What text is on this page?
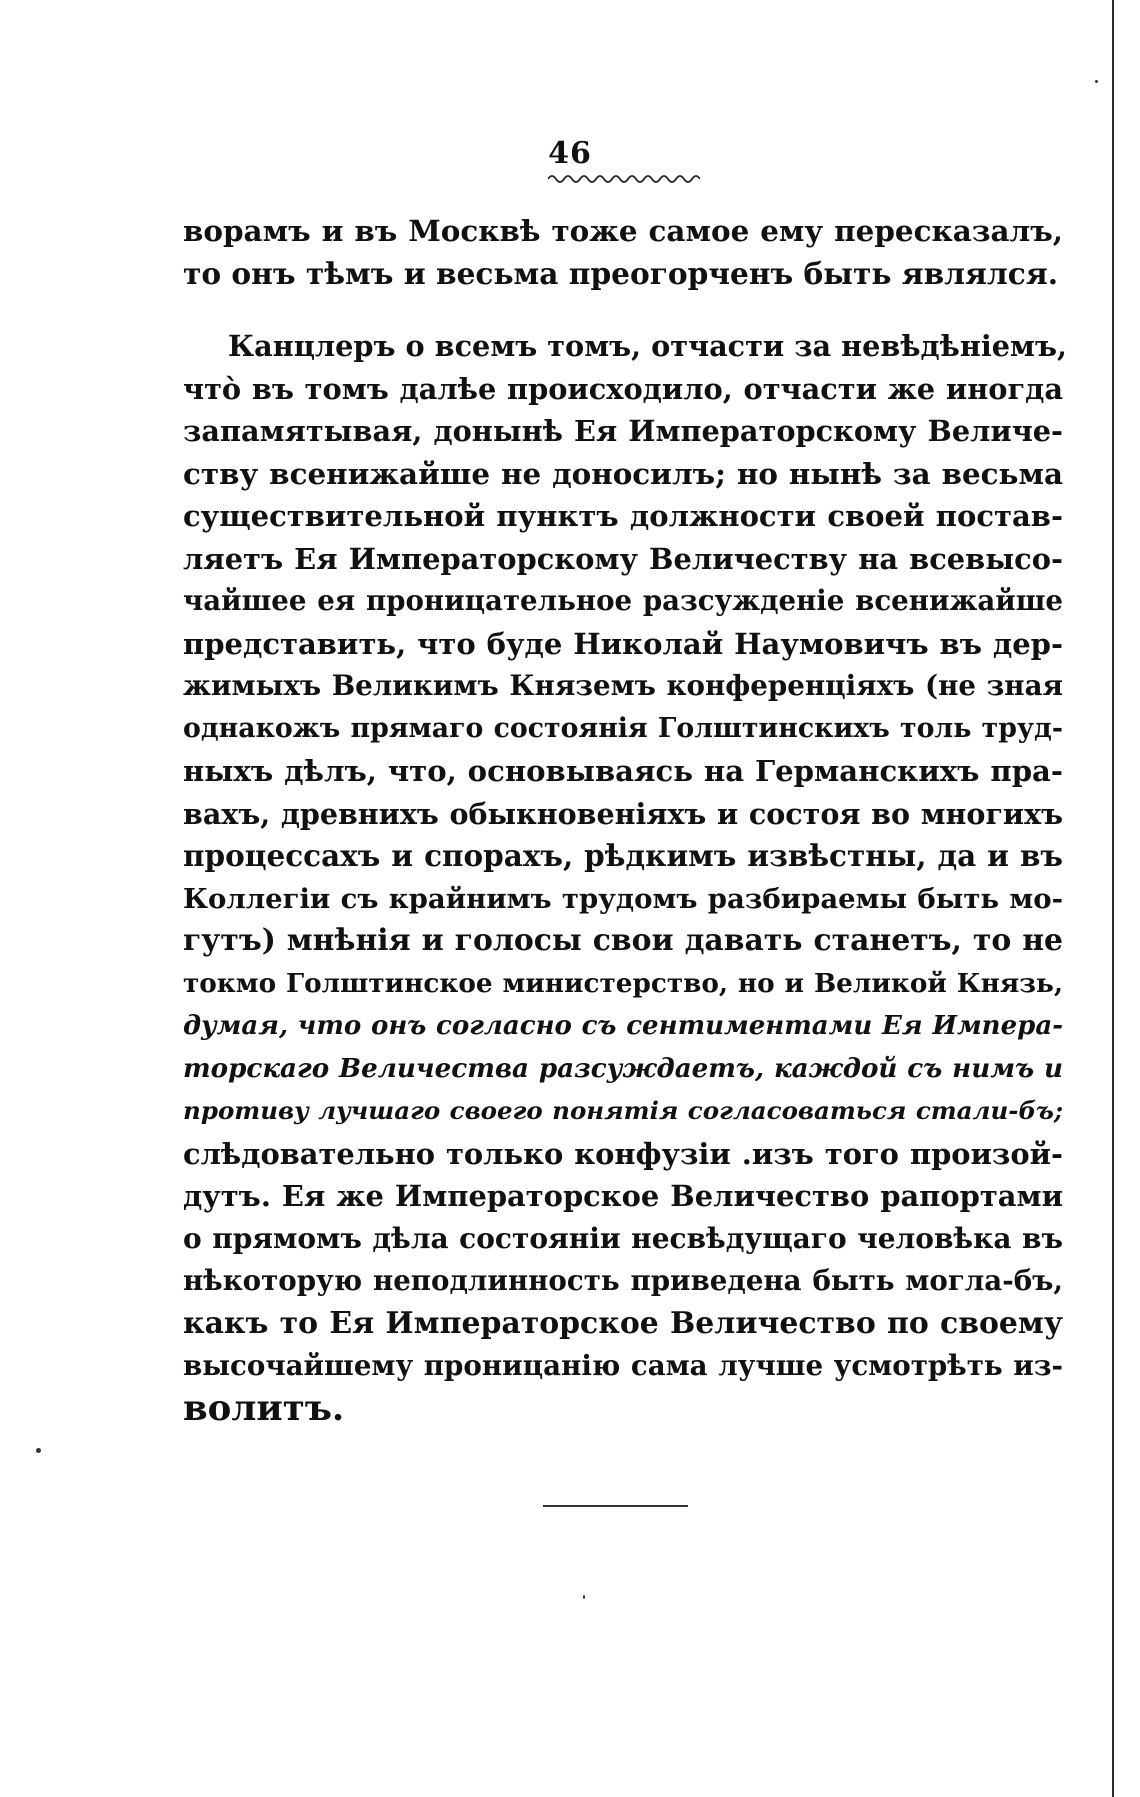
46
ворамъ и въ Москвѣ тоже самое ему пересказалъ,
то онъ тѣмъ и весьма преогорченъ быть являлся.
Канцлеръ о всемъ томъ, отчасти за невѣдѣніемъ,
что̀ въ томъ далѣе происходило, отчасти же иногда
запамятывая, донынѣ Ея Императорскому Величе-
ству всенижайше не доносилъ; но нынѣ за весьма
существительной пунктъ должности своей постав-
ляетъ Ея Императорскому Величеству на всевысо-
чайшее ея проницательное разсужденіе всенижайше
представить, что буде Николай Наумовичъ въ дер-
жимыхъ Великимъ Княземъ конференціяхъ (не зная
однакожъ прямаго состоянія Голштинскихъ толь труд-
ныхъ дѣлъ, что, основываясь на Германскихъ пра-
вахъ, древнихъ обыкновеніяхъ и состоя во многихъ
процессахъ и спорахъ, рѣдкимъ извѣстны, да и въ
Коллегіи съ крайнимъ трудомъ разбираемы быть мо-
гутъ) мнѣнія и голосы свои давать станетъ, то не
токмо Голштинское министерство, но и Великой Князь,
думая, что онъ согласно съ сентиментами Ея Импера-
торскаго Величества разсуждаетъ, каждой съ нимъ и
противу лучшаго своего понятія согласоваться стали-бъ;
слѣдовательно только конфузіи .изъ того произой-
дутъ. Ея же Императорское Величество рапортами
о прямомъ дѣла состояніи несвѣдущаго человѣка въ
нѣкоторую неподлинность приведена быть могла-бъ,
какъ то Ея Императорское Величество по своему
высочайшему проницанію сама лучше усмотрѣть из-
волитъ.
